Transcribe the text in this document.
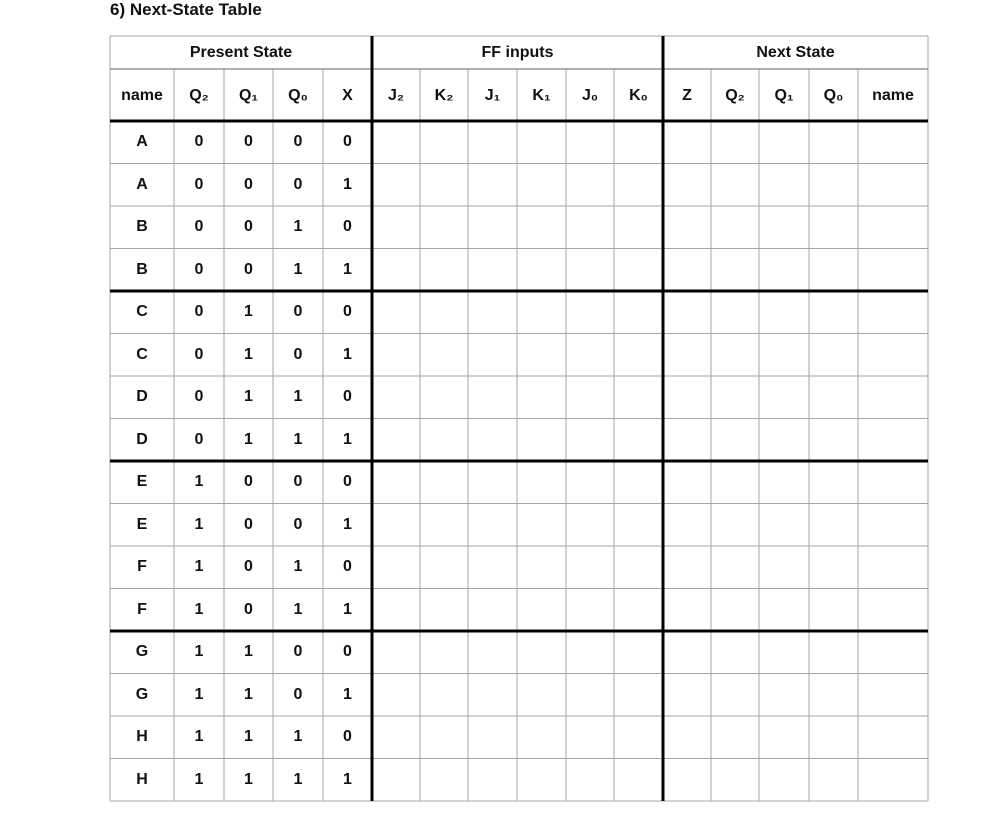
6) Next-State Table
Present State	FF inputs	Next State
name	Q₂	Q₁	Q₀	X	J₂	K₂	J₁	K₁	J₀	K₀	Z	Q₂	Q₁	Q₀	name
A	0	0	0	0
A	0	0	0	1
B	0	0	1	0
B	0	0	1	1
C	0	1	0	0
C	0	1	0	1
D	0	1	1	0
D	0	1	1	1
E	1	0	0	0
E	1	0	0	1
F	1	0	1	0
F	1	0	1	1
G	1	1	0	0
G	1	1	0	1
H	1	1	1	0
H	1	1	1	1
